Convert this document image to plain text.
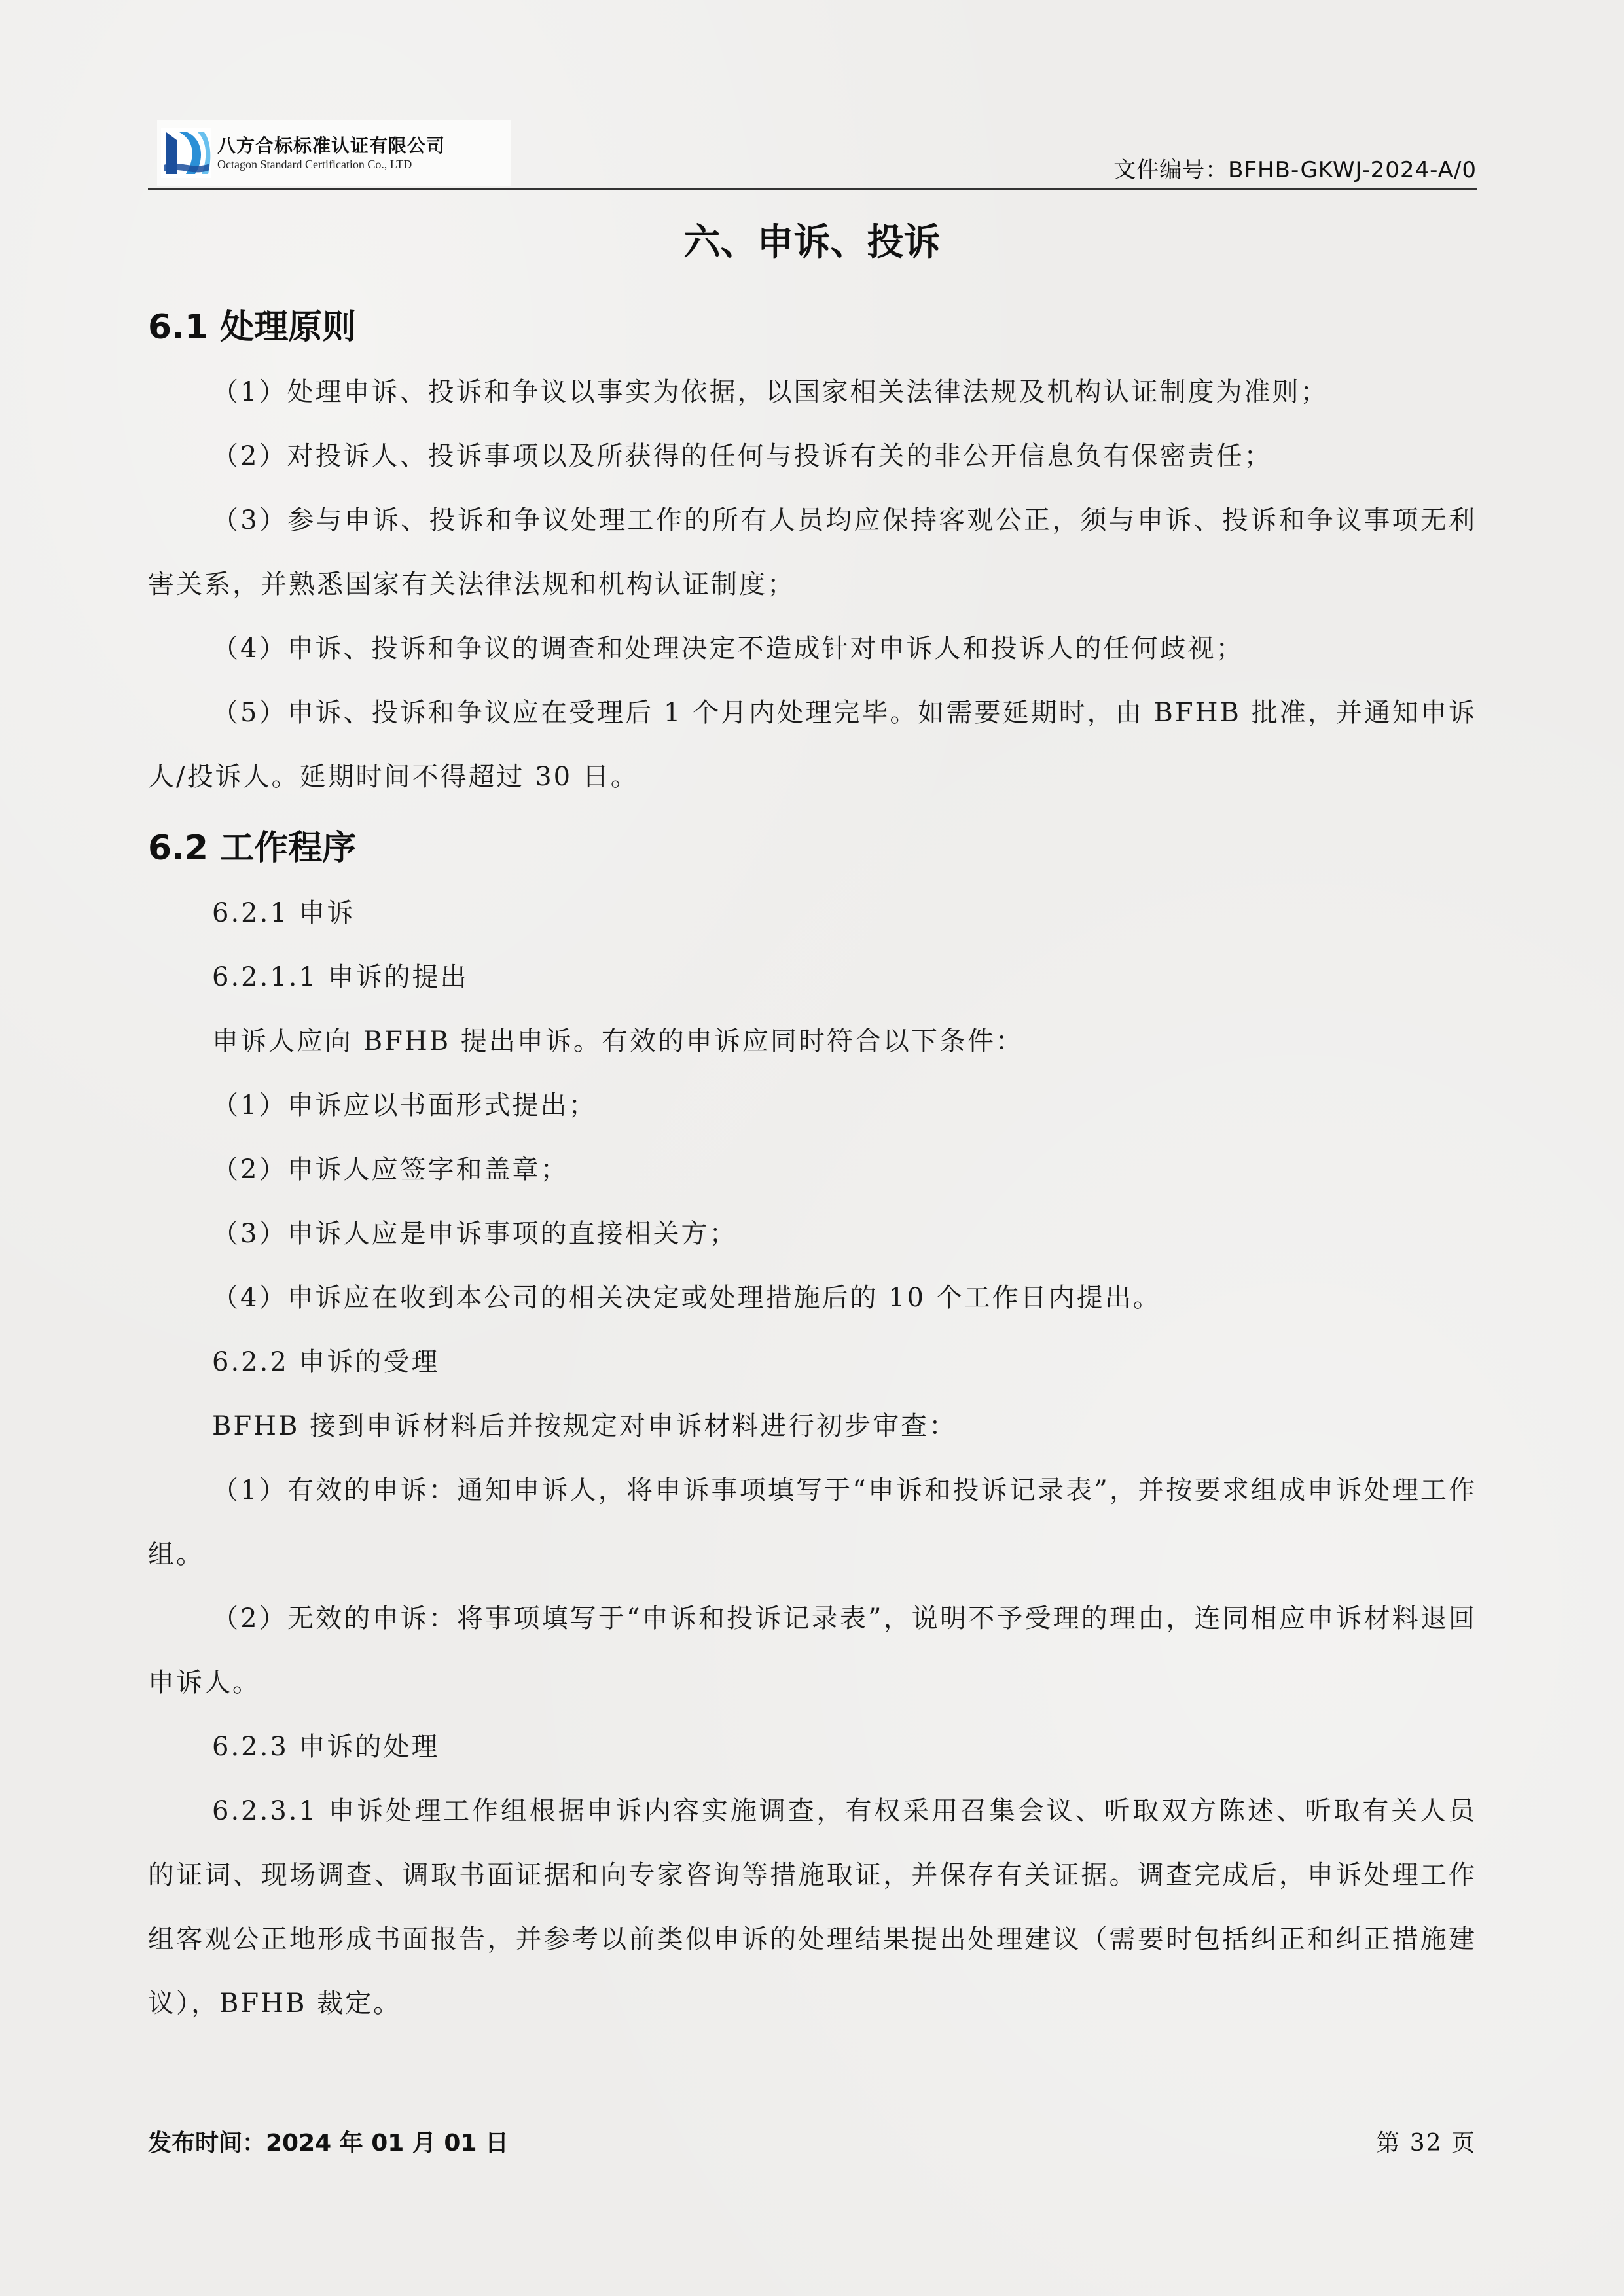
八方合标标准认证有限公司
Octagon Standard Certification Co., LTD	文件编号：BFHB-GKWJ-2024-A/0
六、申诉、投诉
6.1 处理原则

（1）处理申诉、投诉和争议以事实为依据，以国家相关法律法规及机构认证制度为准则；

（2）对投诉人、投诉事项以及所获得的任何与投诉有关的非公开信息负有保密责任；

（3）参与申诉、投诉和争议处理工作的所有人员均应保持客观公正，须与申诉、投诉和争议事项无利害关系，并熟悉国家有关法律法规和机构认证制度；

（4）申诉、投诉和争议的调查和处理决定不造成针对申诉人和投诉人的任何歧视；

（5）申诉、投诉和争议应在受理后 1 个月内处理完毕。如需要延期时，由 BFHB 批准，并通知申诉人/投诉人。延期时间不得超过 30 日。

6.2 工作程序

6.2.1 申诉

6.2.1.1 申诉的提出

申诉人应向 BFHB 提出申诉。有效的申诉应同时符合以下条件：

（1）申诉应以书面形式提出；

（2）申诉人应签字和盖章；

（3）申诉人应是申诉事项的直接相关方；

（4）申诉应在收到本公司的相关决定或处理措施后的 10 个工作日内提出。

6.2.2 申诉的受理

BFHB 接到申诉材料后并按规定对申诉材料进行初步审查：

（1）有效的申诉：通知申诉人，将申诉事项填写于“申诉和投诉记录表”，并按要求组成申诉处理工作组。

（2）无效的申诉：将事项填写于“申诉和投诉记录表”，说明不予受理的理由，连同相应申诉材料退回申诉人。

6.2.3 申诉的处理

6.2.3.1 申诉处理工作组根据申诉内容实施调查，有权采用召集会议、听取双方陈述、听取有关人员的证词、现场调查、调取书面证据和向专家咨询等措施取证，并保存有关证据。调查完成后，申诉处理工作组客观公正地形成书面报告，并参考以前类似申诉的处理结果提出处理建议（需要时包括纠正和纠正措施建议），BFHB 裁定。

发布时间：2024 年 01 月 01 日	第 32 页
